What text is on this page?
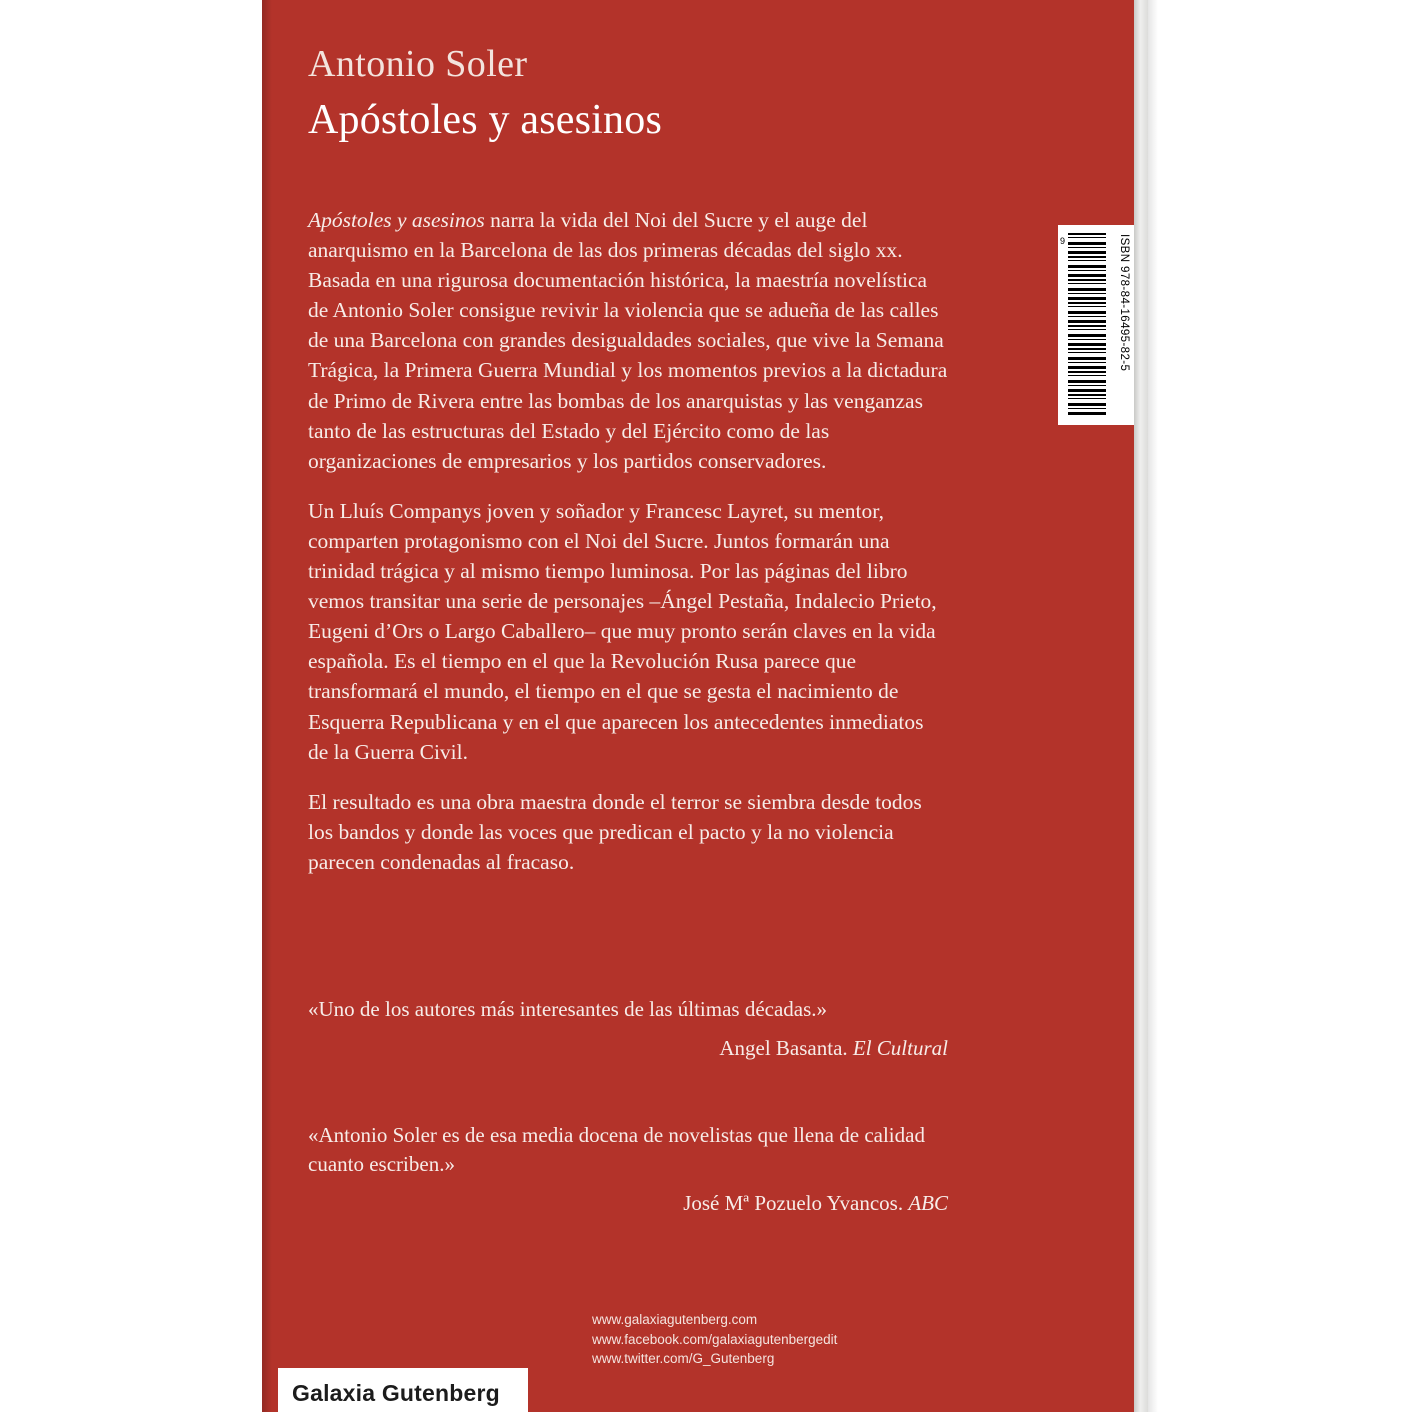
Antonio Soler
Apóstoles y asesinos

Apóstoles y asesinos narra la vida del Noi del Sucre y el auge del anarquismo en la Barcelona de las dos primeras décadas del siglo xx. Basada en una rigurosa documentación histórica, la maestría novelística de Antonio Soler consigue revivir la violencia que se adueña de las calles de una Barcelona con grandes desigualdades sociales, que vive la Semana Trágica, la Primera Guerra Mundial y los momentos previos a la dictadura de Primo de Rivera entre las bombas de los anarquistas y las venganzas tanto de las estructuras del Estado y del Ejército como de las organizaciones de empresarios y los partidos conservadores.

Un Lluís Companys joven y soñador y Francesc Layret, su mentor, comparten protagonismo con el Noi del Sucre. Juntos formarán una trinidad trágica y al mismo tiempo luminosa. Por las páginas del libro vemos transitar una serie de personajes –Ángel Pestaña, Indalecio Prieto, Eugeni d’Ors o Largo Caballero– que muy pronto serán claves en la vida española. Es el tiempo en el que la Revolución Rusa parece que transformará el mundo, el tiempo en el que se gesta el nacimiento de Esquerra Republicana y en el que aparecen los antecedentes inmediatos de la Guerra Civil.

El resultado es una obra maestra donde el terror se siembra desde todos los bandos y donde las voces que predican el pacto y la no violencia parecen condenadas al fracaso.

«Uno de los autores más interesantes de las últimas décadas.»

Angel Basanta. El Cultural

«Antonio Soler es de esa media docena de novelistas que llena de calidad cuanto escriben.»

José Mª Pozuelo Yvancos. ABC

www.galaxiagutenberg.com
www.facebook.com/galaxiagutenbergedit
www.twitter.com/G_Gutenberg
Galaxia Gutenberg
9	ISBN 978-84-16495-82-5
